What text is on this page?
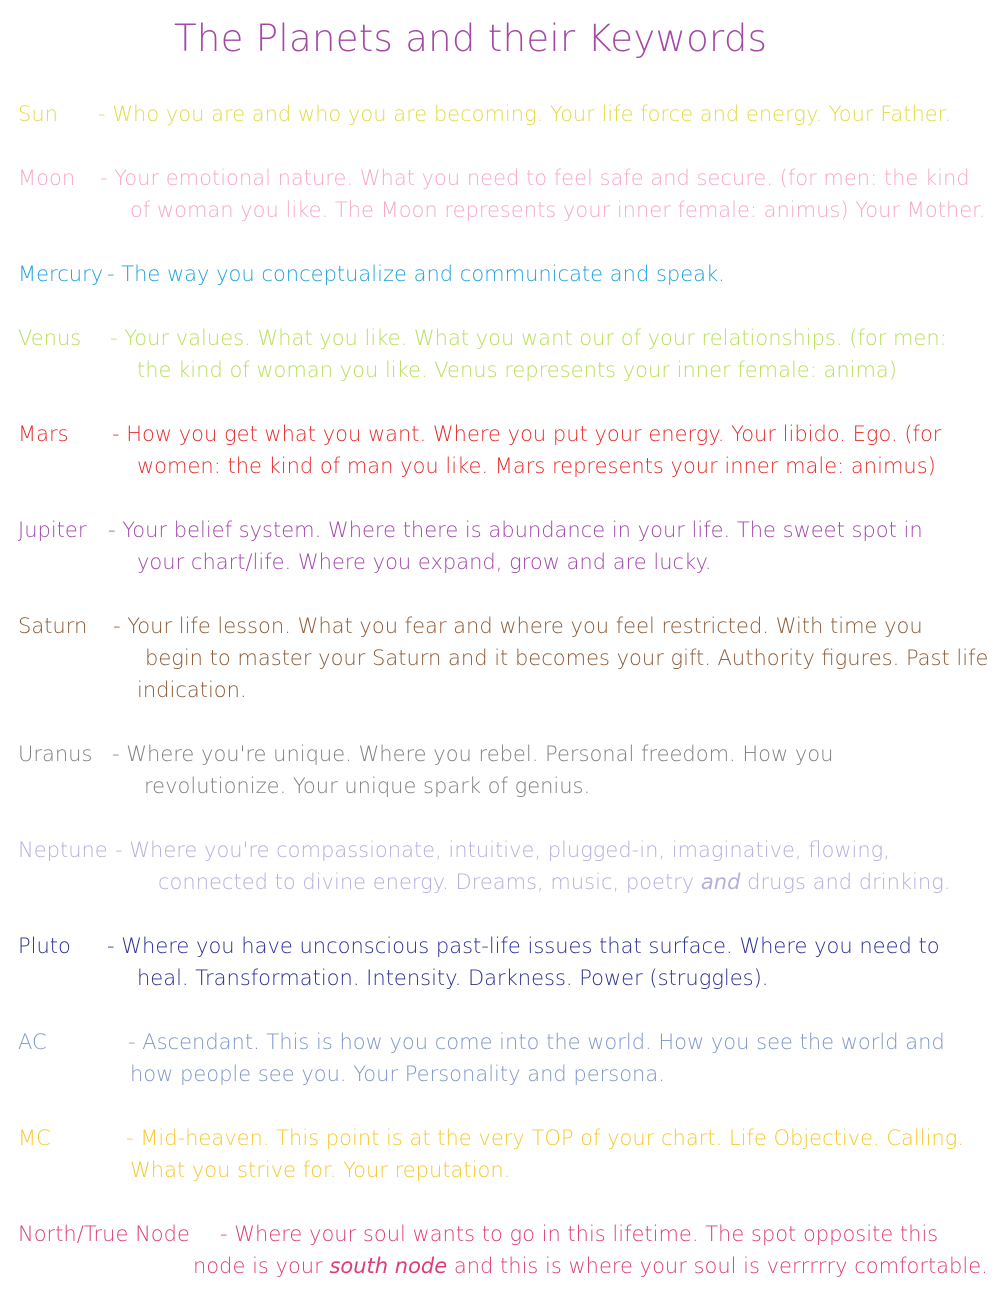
The Planets and their Keywords
Sun - Who you are and who you are becoming. Your life force and energy. Your Father.
Moon - Your emotional nature. What you need to feel safe and secure. (for men: the kind
of woman you like. The Moon represents your inner female: animus) Your Mother.
Mercury - The way you conceptualize and communicate and speak.
Venus - Your values. What you like. What you want our of your relationships. (for men:
the kind of woman you like. Venus represents your inner female: anima)
Mars - How you get what you want. Where you put your energy. Your libido. Ego. (for
women: the kind of man you like. Mars represents your inner male: animus)
Jupiter - Your belief system. Where there is abundance in your life. The sweet spot in
your chart/life. Where you expand, grow and are lucky.
Saturn - Your life lesson. What you fear and where you feel restricted. With time you
begin to master your Saturn and it becomes your gift. Authority figures. Past life
indication.
Uranus - Where you're unique. Where you rebel. Personal freedom. How you
revolutionize. Your unique spark of genius.
Neptune - Where you're compassionate, intuitive, plugged-in, imaginative, flowing,
connected to divine energy. Dreams, music, poetry and drugs and drinking.
Pluto - Where you have unconscious past-life issues that surface. Where you need to
heal. Transformation. Intensity. Darkness. Power (struggles).
AC	- Ascendant. This is how you come into the world. How you see the world and
how people see you. Your Personality and persona.
MC	- Mid-heaven. This point is at the very TOP of your chart. Life Objective. Calling.
What you strive for. Your reputation.
North/True Node - Where your soul wants to go in this lifetime. The spot opposite this
node is your south node and this is where your soul is verrrrry comfortable.
